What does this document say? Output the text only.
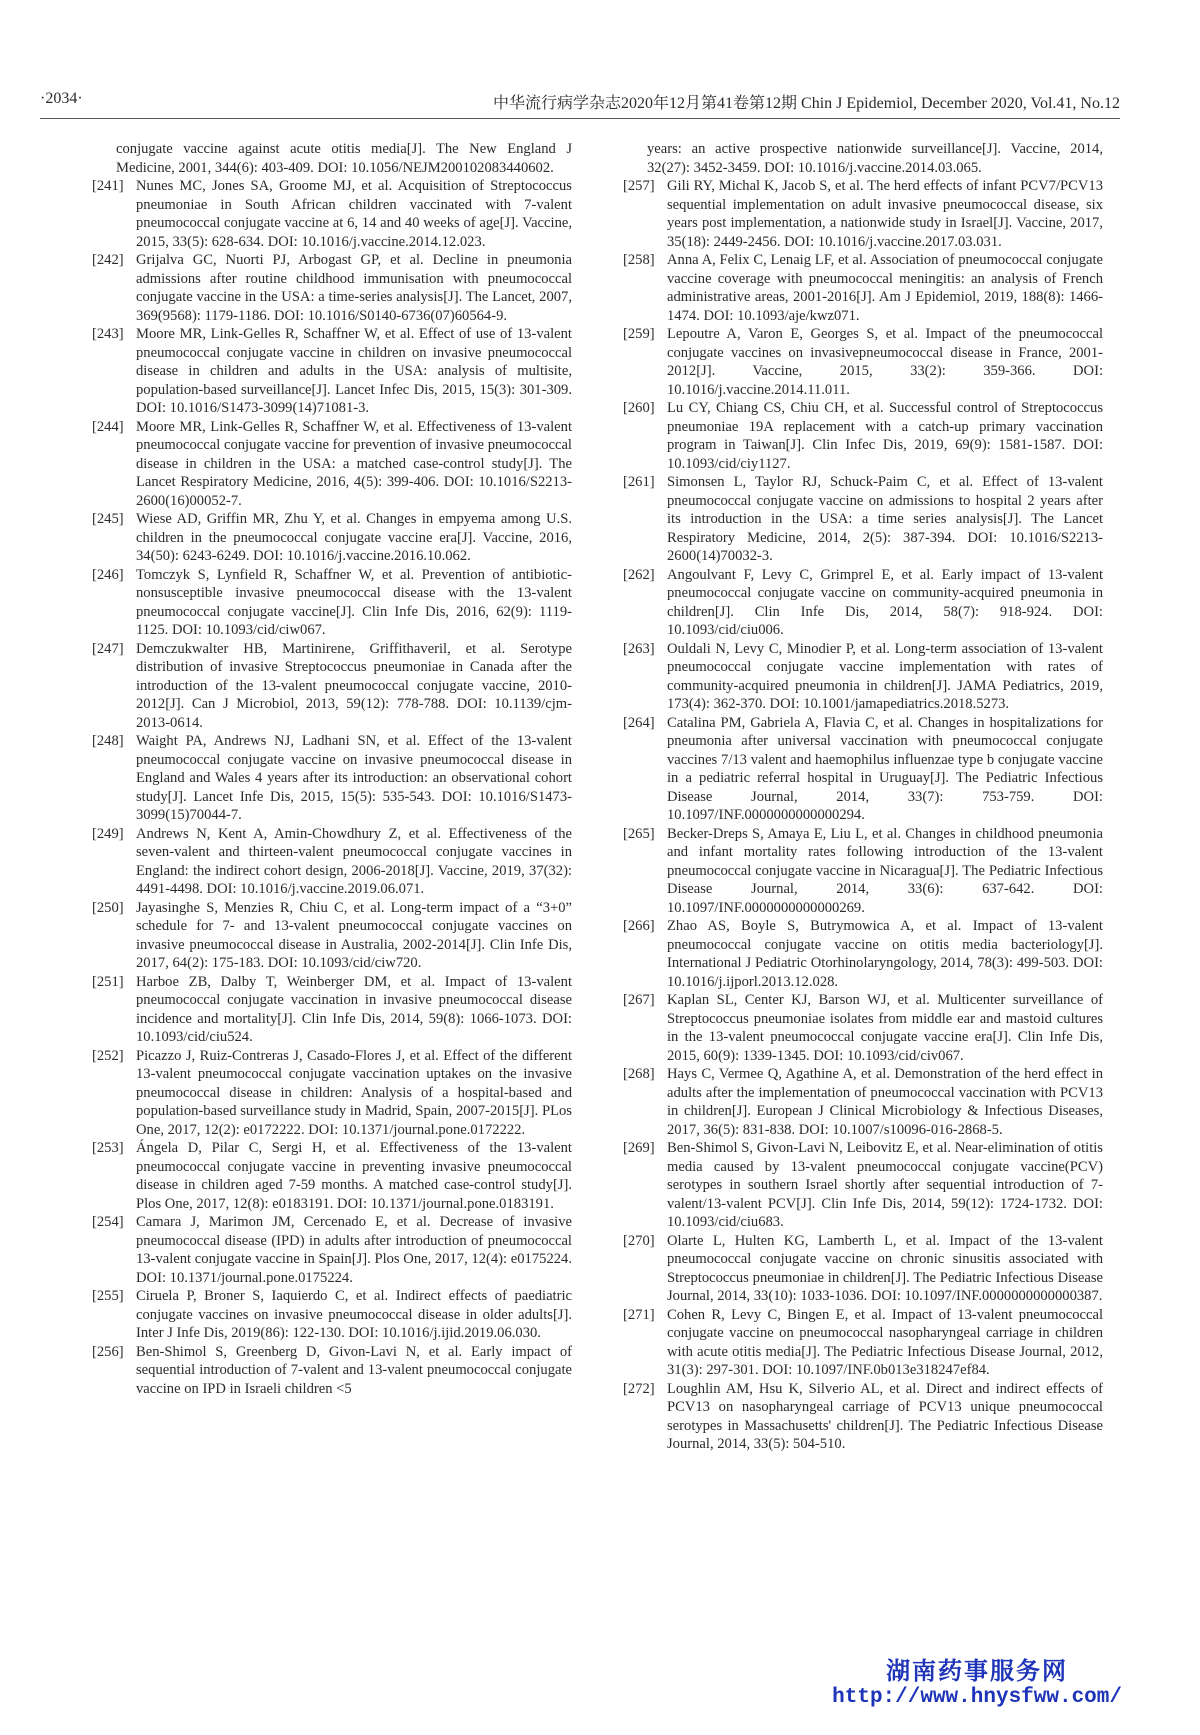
·2034·	中华流行病学杂志2020年12月第41卷第12期 Chin J Epidemiol, December 2020, Vol.41, No.12

conjugate vaccine against acute otitis media[J]. The New England J Medicine, 2001, 344(6): 403-409. DOI: 10.1056/NEJM200102083440602.

[241] Nunes MC, Jones SA, Groome MJ, et al. Acquisition of Streptococcus pneumoniae in South African children vaccinated with 7-valent pneumococcal conjugate vaccine at 6, 14 and 40 weeks of age[J]. Vaccine, 2015, 33(5): 628-634. DOI: 10.1016/j.vaccine.2014.12.023.

[242] Grijalva GC, Nuorti PJ, Arbogast GP, et al. Decline in pneumonia admissions after routine childhood immunisation with pneumococcal conjugate vaccine in the USA: a time-series analysis[J]. The Lancet, 2007, 369(9568): 1179-1186. DOI: 10.1016/S0140-6736(07)60564-9.

[243] Moore MR, Link-Gelles R, Schaffner W, et al. Effect of use of 13-valent pneumococcal conjugate vaccine in children on invasive pneumococcal disease in children and adults in the USA: analysis of multisite, population-based surveillance[J]. Lancet Infec Dis, 2015, 15(3): 301-309. DOI: 10.1016/S1473-3099(14)71081-3.

[244] Moore MR, Link-Gelles R, Schaffner W, et al. Effectiveness of 13-valent pneumococcal conjugate vaccine for prevention of invasive pneumococcal disease in children in the USA: a matched case-control study[J]. The Lancet Respiratory Medicine, 2016, 4(5): 399-406. DOI: 10.1016/S2213-2600(16)00052-7.

[245] Wiese AD, Griffin MR, Zhu Y, et al. Changes in empyema among U.S. children in the pneumococcal conjugate vaccine era[J]. Vaccine, 2016, 34(50): 6243-6249. DOI: 10.1016/j.vaccine.2016.10.062.

[246] Tomczyk S, Lynfield R, Schaffner W, et al. Prevention of antibiotic-nonsusceptible invasive pneumococcal disease with the 13-valent pneumococcal conjugate vaccine[J]. Clin Infe Dis, 2016, 62(9): 1119-1125. DOI: 10.1093/cid/ciw067.

[247] Demczukwalter HB, Martinirene, Griffithaveril, et al. Serotype distribution of invasive Streptococcus pneumoniae in Canada after the introduction of the 13-valent pneumococcal conjugate vaccine, 2010-2012[J]. Can J Microbiol, 2013, 59(12): 778-788. DOI: 10.1139/cjm-2013-0614.

[248] Waight PA, Andrews NJ, Ladhani SN, et al. Effect of the 13-valent pneumococcal conjugate vaccine on invasive pneumococcal disease in England and Wales 4 years after its introduction: an observational cohort study[J]. Lancet Infe Dis, 2015, 15(5): 535-543. DOI: 10.1016/S1473-3099(15)70044-7.

[249] Andrews N, Kent A, Amin-Chowdhury Z, et al. Effectiveness of the seven-valent and thirteen-valent pneumococcal conjugate vaccines in England: the indirect cohort design, 2006-2018[J]. Vaccine, 2019, 37(32): 4491-4498. DOI: 10.1016/j.vaccine.2019.06.071.

[250] Jayasinghe S, Menzies R, Chiu C, et al. Long-term impact of a “3+0” schedule for 7- and 13-valent pneumococcal conjugate vaccines on invasive pneumococcal disease in Australia, 2002-2014[J]. Clin Infe Dis, 2017, 64(2): 175-183. DOI: 10.1093/cid/ciw720.

[251] Harboe ZB, Dalby T, Weinberger DM, et al. Impact of 13-valent pneumococcal conjugate vaccination in invasive pneumococcal disease incidence and mortality[J]. Clin Infe Dis, 2014, 59(8): 1066-1073. DOI: 10.1093/cid/ciu524.

[252] Picazzo J, Ruiz-Contreras J, Casado-Flores J, et al. Effect of the different 13-valent pneumococcal conjugate vaccination uptakes on the invasive pneumococcal disease in children: Analysis of a hospital-based and population-based surveillance study in Madrid, Spain, 2007-2015[J]. PLos One, 2017, 12(2): e0172222. DOI: 10.1371/journal.pone.0172222.

[253] Ángela D, Pilar C, Sergi H, et al. Effectiveness of the 13-valent pneumococcal conjugate vaccine in preventing invasive pneumococcal disease in children aged 7-59 months. A matched case-control study[J]. Plos One, 2017, 12(8): e0183191. DOI: 10.1371/journal.pone.0183191.

[254] Camara J, Marimon JM, Cercenado E, et al. Decrease of invasive pneumococcal disease (IPD) in adults after introduction of pneumococcal 13-valent conjugate vaccine in Spain[J]. Plos One, 2017, 12(4): e0175224. DOI: 10.1371/journal.pone.0175224.

[255] Ciruela P, Broner S, Iaquierdo C, et al. Indirect effects of paediatric conjugate vaccines on invasive pneumococcal disease in older adults[J]. Inter J Infe Dis, 2019(86): 122-130. DOI: 10.1016/j.ijid.2019.06.030.

[256] Ben-Shimol S, Greenberg D, Givon-Lavi N, et al. Early impact of sequential introduction of 7-valent and 13-valent pneumococcal conjugate vaccine on IPD in Israeli children <5

years: an active prospective nationwide surveillance[J]. Vaccine, 2014, 32(27): 3452-3459. DOI: 10.1016/j.vaccine.2014.03.065.

[257] Gili RY, Michal K, Jacob S, et al. The herd effects of infant PCV7/PCV13 sequential implementation on adult invasive pneumococcal disease, six years post implementation, a nationwide study in Israel[J]. Vaccine, 2017, 35(18): 2449-2456. DOI: 10.1016/j.vaccine.2017.03.031.

[258] Anna A, Felix C, Lenaig LF, et al. Association of pneumococcal conjugate vaccine coverage with pneumococcal meningitis: an analysis of French administrative areas, 2001-2016[J]. Am J Epidemiol, 2019, 188(8): 1466-1474. DOI: 10.1093/aje/kwz071.

[259] Lepoutre A, Varon E, Georges S, et al. Impact of the pneumococcal conjugate vaccines on invasivepneumococcal disease in France, 2001-2012[J]. Vaccine, 2015, 33(2): 359-366. DOI: 10.1016/j.vaccine.2014.11.011.

[260] Lu CY, Chiang CS, Chiu CH, et al. Successful control of Streptococcus pneumoniae 19A replacement with a catch-up primary vaccination program in Taiwan[J]. Clin Infec Dis, 2019, 69(9): 1581-1587. DOI: 10.1093/cid/ciy1127.

[261] Simonsen L, Taylor RJ, Schuck-Paim C, et al. Effect of 13-valent pneumococcal conjugate vaccine on admissions to hospital 2 years after its introduction in the USA: a time series analysis[J]. The Lancet Respiratory Medicine, 2014, 2(5): 387-394. DOI: 10.1016/S2213-2600(14)70032-3.

[262] Angoulvant F, Levy C, Grimprel E, et al. Early impact of 13-valent pneumococcal conjugate vaccine on community-acquired pneumonia in children[J]. Clin Infe Dis, 2014, 58(7): 918-924. DOI: 10.1093/cid/ciu006.

[263] Ouldali N, Levy C, Minodier P, et al. Long-term association of 13-valent pneumococcal conjugate vaccine implementation with rates of community-acquired pneumonia in children[J]. JAMA Pediatrics, 2019, 173(4): 362-370. DOI: 10.1001/jamapediatrics.2018.5273.

[264] Catalina PM, Gabriela A, Flavia C, et al. Changes in hospitalizations for pneumonia after universal vaccination with pneumococcal conjugate vaccines 7/13 valent and haemophilus influenzae type b conjugate vaccine in a pediatric referral hospital in Uruguay[J]. The Pediatric Infectious Disease Journal, 2014, 33(7): 753-759. DOI: 10.1097/INF.0000000000000294.

[265] Becker-Dreps S, Amaya E, Liu L, et al. Changes in childhood pneumonia and infant mortality rates following introduction of the 13-valent pneumococcal conjugate vaccine in Nicaragua[J]. The Pediatric Infectious Disease Journal, 2014, 33(6): 637-642. DOI: 10.1097/INF.0000000000000269.

[266] Zhao AS, Boyle S, Butrymowica A, et al. Impact of 13-valent pneumococcal conjugate vaccine on otitis media bacteriology[J]. International J Pediatric Otorhinolaryngology, 2014, 78(3): 499-503. DOI: 10.1016/j.ijporl.2013.12.028.

[267] Kaplan SL, Center KJ, Barson WJ, et al. Multicenter surveillance of Streptococcus pneumoniae isolates from middle ear and mastoid cultures in the 13-valent pneumococcal conjugate vaccine era[J]. Clin Infe Dis, 2015, 60(9): 1339-1345. DOI: 10.1093/cid/civ067.

[268] Hays C, Vermee Q, Agathine A, et al. Demonstration of the herd effect in adults after the implementation of pneumococcal vaccination with PCV13 in children[J]. European J Clinical Microbiology & Infectious Diseases, 2017, 36(5): 831-838. DOI: 10.1007/s10096-016-2868-5.

[269] Ben-Shimol S, Givon-Lavi N, Leibovitz E, et al. Near-elimination of otitis media caused by 13-valent pneumococcal conjugate vaccine(PCV) serotypes in southern Israel shortly after sequential introduction of 7-valent/13-valent PCV[J]. Clin Infe Dis, 2014, 59(12): 1724-1732. DOI: 10.1093/cid/ciu683.

[270] Olarte L, Hulten KG, Lamberth L, et al. Impact of the 13-valent pneumococcal conjugate vaccine on chronic sinusitis associated with Streptococcus pneumoniae in children[J]. The Pediatric Infectious Disease Journal, 2014, 33(10): 1033-1036. DOI: 10.1097/INF.0000000000000387.

[271] Cohen R, Levy C, Bingen E, et al. Impact of 13-valent pneumococcal conjugate vaccine on pneumococcal nasopharyngeal carriage in children with acute otitis media[J]. The Pediatric Infectious Disease Journal, 2012, 31(3): 297-301. DOI: 10.1097/INF.0b013e318247ef84.

[272] Loughlin AM, Hsu K, Silverio AL, et al. Direct and indirect effects of PCV13 on nasopharyngeal carriage of PCV13 unique pneumococcal serotypes in Massachusetts' children[J]. The Pediatric Infectious Disease Journal, 2014, 33(5): 504-510.

湖南药事服务网
http://www.hnysfww.com/
